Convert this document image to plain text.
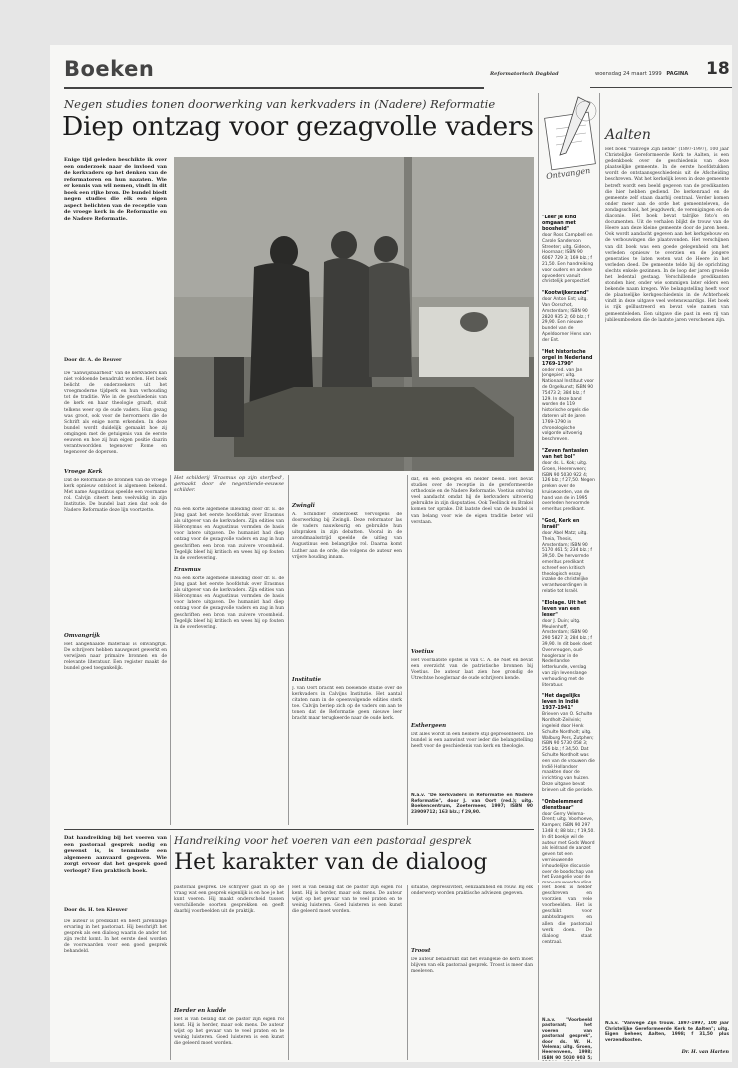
Boeken	Reformatorisch Dagblad	woensdag 24 maart 1999 PAGINA 18
Negen studies tonen doorwerking van kerkvaders in (Nadere) Reformatie
Diep ontzag voor gezagvolle vaders
Enige tijd geleden beschikte ik over een onderzoek naar de invloed van de kerkvaders op het denken van de reformatoren en hun nazaten. Wie er kennis van wil nemen, vindt in dit boek een rijke bron. De bundel biedt negen studies die elk een eigen aspect belichten van de receptie van de vroege kerk in de Reformatie en de Nadere Reformatie.
Door dr. A. de Reuver
Het schilderij 'Erasmus op zijn sterfbed', gemaakt door de negentiende-eeuwse schilder.
De "aanwijsbaarheid" van de kerkvaders kan niet voldoende benadrukt worden. Het boek belicht de onderzoekers uit het vroegmoderne tijdperk en hun verhouding tot de traditie. Wie in de geschiedenis van de kerk en haar theologie graaft, stuit telkens weer op de oude vaders. Hun gezag was groot, ook voor de hervormers die de Schrift als enige norm erkenden. In deze bundel wordt duidelijk gemaakt hoe zij omgingen met de getuigenis van de eerste eeuwen en hoe zij hun eigen positie daarin verantwoordden tegenover Rome en tegenover de dopersen.
Vroege Kerk
Dat de Reformatie de bronnen van de vroege kerk opnieuw ontsloot is algemeen bekend. Met name Augustinus speelde een voorname rol. Calvijn citeert hem veelvuldig in zijn Institutie. De bundel laat zien dat ook de Nadere Reformatie deze lijn voortzette.
Omvangrijk
Het aangehaalde materiaal is omvangrijk. De schrijvers hebben nauwgezet gewerkt en verwijzen naar primaire bronnen en de relevante literatuur. Een register maakt de bundel goed toegankelijk.
Na een korte algemene inleiding door dr. E. de Jong gaat het eerste hoofdstuk over Erasmus als uitgever van de kerkvaders. Zijn edities van Hiëronymus en Augustinus vormden de basis voor latere uitgaven. De humanist had diep ontzag voor de gezagvolle vaders en zag in hun geschriften een bron van zuivere vroomheid. Tegelijk bleef hij kritisch en wees hij op fouten in de overlevering.
Erasmus
Na een korte algemene inleiding door dr. E. de Jong gaat het eerste hoofdstuk over Erasmus als uitgever van de kerkvaders. Zijn edities van Hiëronymus en Augustinus vormden de basis voor latere uitgaven. De humanist had diep ontzag voor de gezagvolle vaders en zag in hun geschriften een bron van zuivere vroomheid. Tegelijk bleef hij kritisch en wees hij op fouten in de overlevering.
Zwingli
A. Schindler onderzoekt vervolgens de doorwerking bij Zwingli. Deze reformator las de vaders nauwkeurig en gebruikte hun uitspraken in zijn debatten. Vooral in de avondmaalsstrijd speelde de uitleg van Augustinus een belangrijke rol. Daarna komt Luther aan de orde, die volgens de auteur een vrijere houding innam.
Institutie
J. van Oort bracht een boeiende studie over de kerkvaders in Calvijns Institutie. Het aantal citaten nam in de opeenvolgende edities sterk toe. Calvijn beriep zich op de vaders om aan te tonen dat de Reformatie geen nieuwe leer bracht maar terugkeerde naar de oude kerk.
dat, en een gedegen en helder beeld. Het bevat studies over de receptie in de gereformeerde orthodoxie en de Nadere Reformatie. Voetius ontving veel aandacht omdat hij de kerkvaders uitvoerig gebruikte in zijn disputaties. Ook Teellinck en Brakel komen ter sprake. Dit laatste deel van de bundel is van belang voor wie de eigen traditie beter wil verstaan.
Voetius
Het voorlaatste opstel is van C. A. de Niet en bevat een overzicht van de patristische bronnen bij Voetius. De auteur laat zien hoe grondig de Utrechtse hoogleraar de oude schrijvers kende.
Esthergeen
Dit alles wordt in een heldere stijl gepresenteerd. De bundel is een aanwinst voor ieder die belangstelling heeft voor de geschiedenis van kerk en theologie.
N.a.v. "De kerkvaders in Reformatie en Nadere Reformatie", door J. van Oort (red.); uitg. Boekencentrum, Zoetermeer, 1997; ISBN 90 23909712; 163 blz.; f 29,90.
Dat handreiking bij het voeren van een pastoraal gesprek nodig en gewenst is, is tenminste een algemeen aanvaard gegeven. Wie zorgt ervoor dat het gesprek goed verloopt? Een praktisch boek.
Door ds. H. ten Kleuver
De auteur is predikant en heeft jarenlange ervaring in het pastoraat. Hij beschrijft het gesprek als een dialoog waarin de ander tot zijn recht komt. In het eerste deel worden de voorwaarden voor een goed gesprek behandeld.
Handreiking voor het voeren van een pastoraal gesprek
Het karakter van de dialoog
pastoraal gesprek. De schrijver gaat in op de vraag wat een gesprek eigenlijk is en hoe je het kunt voeren. Hij maakt onderscheid tussen verschillende soorten gesprekken en geeft daarbij voorbeelden uit de praktijk.
Herder en kudde
Het is van belang dat de pastor zijn eigen rol kent. Hij is herder, maar ook mens. De auteur wijst op het gevaar van te veel praten en te weinig luisteren. Goed luisteren is een kunst die geleerd moet worden.
Het is van belang dat de pastor zijn eigen rol kent. Hij is herder, maar ook mens. De auteur wijst op het gevaar van te veel praten en te weinig luisteren. Goed luisteren is een kunst die geleerd moet worden.
situatie, depressiviteit, eenzaamheid en rouw. Bij elk onderwerp worden praktische adviezen gegeven.
Troost
De auteur benadrukt dat het evangelie de kern moet blijven van elk pastoraal gesprek. Troost is meer dan meeleven.
Het boek is helder geschreven en voorzien van vele voorbeelden. Het is geschikt voor ambtsdragers en allen die pastoraal werk doen. De dialoog staat centraal.
N.a.v. "Voorbeeld pastoraat; het voeren van pastoraal gesprek", door ds. W. H. Velema; uitg. Groen, Heerenveen, 1998; ISBN 90 5030 903 5;
Ontvangen
"Leer je kind omgaan met boosheid"
door Ross Campbell en Carole Sanderson Streeter; uitg. Gideon, Hoornaar; ISBN 90 6067 729 3; 169 blz.; f 21,50. Een handreiking voor ouders en andere opvoeders vanuit christelijk perspectief.
"Kootwijkerzand"
door Anton Ent; uitg. Van Oorschot, Amsterdam; ISBN 90 2820 935 2; 60 blz.; f 29,90. Een nieuwe bundel van de Apeldoorner Hens van der Ent.
"Het historische orgel in Nederland 1769-1790"
onder red. van Jan Jongepier; uitg. Nationaal Instituut voor de Orgelkunst; ISBN 90 75473 2; 384 blz.; f 129. In deze band worden de 119 historische orgels die dateren uit de jaren 1769-1790 in chronologische volgorde uitvoerig beschreven.
"Zeven fantasien van het bol"
door ds. L. Kok; uitg. Groen, Heerenveen; ISBN 90 5030 922 4; 126 blz.; f 27,50. Negen preken over de kruiswoorden, van de hand van de in 1995 overleden hervormde emeritus predikant.
"God, Kerk en Israël"
door Abel Matz; uitg. Theia, Thesis, Amsterdam; ISBN 90 5170 461 5; 234 blz.; f 39,50. De hervormde emeritus predikant schreef een kritisch theologisch essay inzake de christelijke verantwoordingen in relatie tot Israël.
"Elolage. Uit het leven van een leser"
door J. Duin; uitg. Meulenhoff, Amsterdam; ISBN 90 290 5827 3; 284 blz.; f 39,90. In dit boek doet Overvreugen, oud-hoogleraar in de Nederlandse letterkunde, verslag van zijn levenslange verhouding met de literatuur.
"Het dagelijks leven in Indië 1937-1941"
Brieven van O. Schulte Nordholt-Zeilvink; ingeleid door Henk Schulte Nordholt; uitg. Walburg Pers, Zutphen; ISBN 90 5730 058 3; 256 blz.; f 34,50. Dat Schulte Nordholt was een van de vrouwen die Indië Hollandser maakten door de inrichting van huizen. Deze uitgave bevat brieven uit die periode.
"Onbelemmerd dienstbaar"
door Gerry Velema-Drent; uitg. Voorhoeve, Kampen; ISBN 90 297 1348 4; 88 blz.; f 19,50. In dit boekje wil de auteur met Gods Woord als leidraad de aanzet geven tot een vernieuwende inhoudelijke discussie over de boodschap van het Evangelie voor de
Aalten
Het boek "Vanvege Zijn liefde" (1897-1997), 100 jaar Christelijke Gereformeerde Kerk te Aalten, is een gedenkboek over de geschiedenis van deze plaatselijke gemeente. In de eerste hoofdstukken wordt de ontstaansgeschiedenis uit de Afscheiding beschreven. Wat het kerkelijk leven in deze gemeente betreft wordt een beeld gegeven van de predikanten die hier hebben gediend. De kerkenraad en de gemeente zelf staan daarbij centraal. Verder komen onder meer aan de orde het gemeenteleven, de zondagsschool, het jeugdwerk, de verenigingen en de diaconie. Het boek bevat talrijke foto's en documenten. Uit de verhalen blijkt de trouw van de Heere aan deze kleine gemeente door de jaren heen. Ook wordt aandacht gegeven aan het kerkgebouw en de verbouwingen die plaatsvonden. Het verschijnen van dit boek was een goede gelegenheid om het verleden opnieuw te overzien en de jongere generaties te laten weten wat de Heere in het verleden deed. De gemeente telde bij de oprichting slechts enkele gezinnen. In de loop der jaren groeide het ledental gestaag. Verschillende predikanten stonden hier, onder wie sommigen later elders een bekende naam kregen. Wie belangstelling heeft voor de plaatselijke kerkgeschiedenis in de Achterhoek vindt in deze uitgave veel wetenswaardigs. Het boek is rijk geïllustreerd en bevat vele namen van gemeenteleden. Een uitgave die past in een rij van jubileumboeken die de laatste jaren verschenen zijn.
N.a.v. "Vanvege Zijn trouw. 1897-1997, 100 jaar Christelijke Gereformeerde Kerk te Aalten"; uitg. Eigen beheer, Aalten, 1998; f 31,50 plus verzendkosten.
Dr. H. van Harten
